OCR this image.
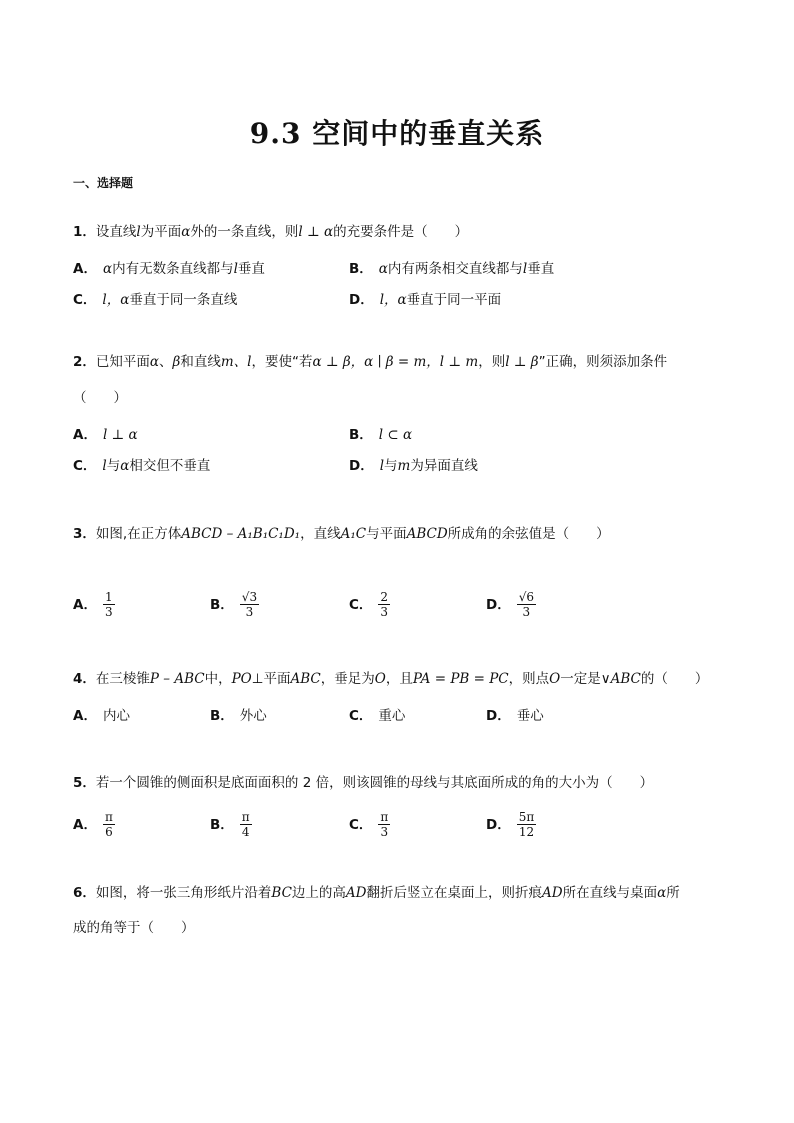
9.3 空间中的垂直关系
一、选择题
1．设直线l为平面α外的一条直线，则l ⊥ α的充要条件是（　　）
A． α内有无数条直线都与l垂直	B． α内有两条相交直线都与l垂直
C． l，α垂直于同一条直线	D． l，α垂直于同一平面
2．已知平面α、β和直线m、l，要使“若α ⊥ β，α ∣ β = m，l ⊥ m，则l ⊥ β”正确，则须添加条件
（　　）
A． l ⊥ α	B． l ⊂ α
C． l与α相交但不垂直	D． l与m为异面直线
3．如图,在正方体ABCD – A₁B₁C₁D₁，直线A₁C与平面ABCD所成角的余弦值是（　　）
A． $\frac{1}{3}$	B． $\frac{√3}{3}$	C． $\frac{2}{3}$	D． $\frac{√6}{3}$
4．在三棱锥P – ABC中，PO⊥平面ABC，垂足为O，且PA = PB = PC，则点O一定是∨ABC的（　　）
A． 内心	B． 外心	C． 重心	D． 垂心
5．若一个圆锥的侧面积是底面面积的 2 倍，则该圆锥的母线与其底面所成的角的大小为（　　）
A． $\frac{\pi}{6}$	B． $\frac{\pi}{4}$	C． $\frac{\pi}{3}$	D． $\frac{5\pi}{12}$
6．如图，将一张三角形纸片沿着BC边上的高AD翻折后竖立在桌面上，则折痕AD所在直线与桌面α所
成的角等于（　　）
